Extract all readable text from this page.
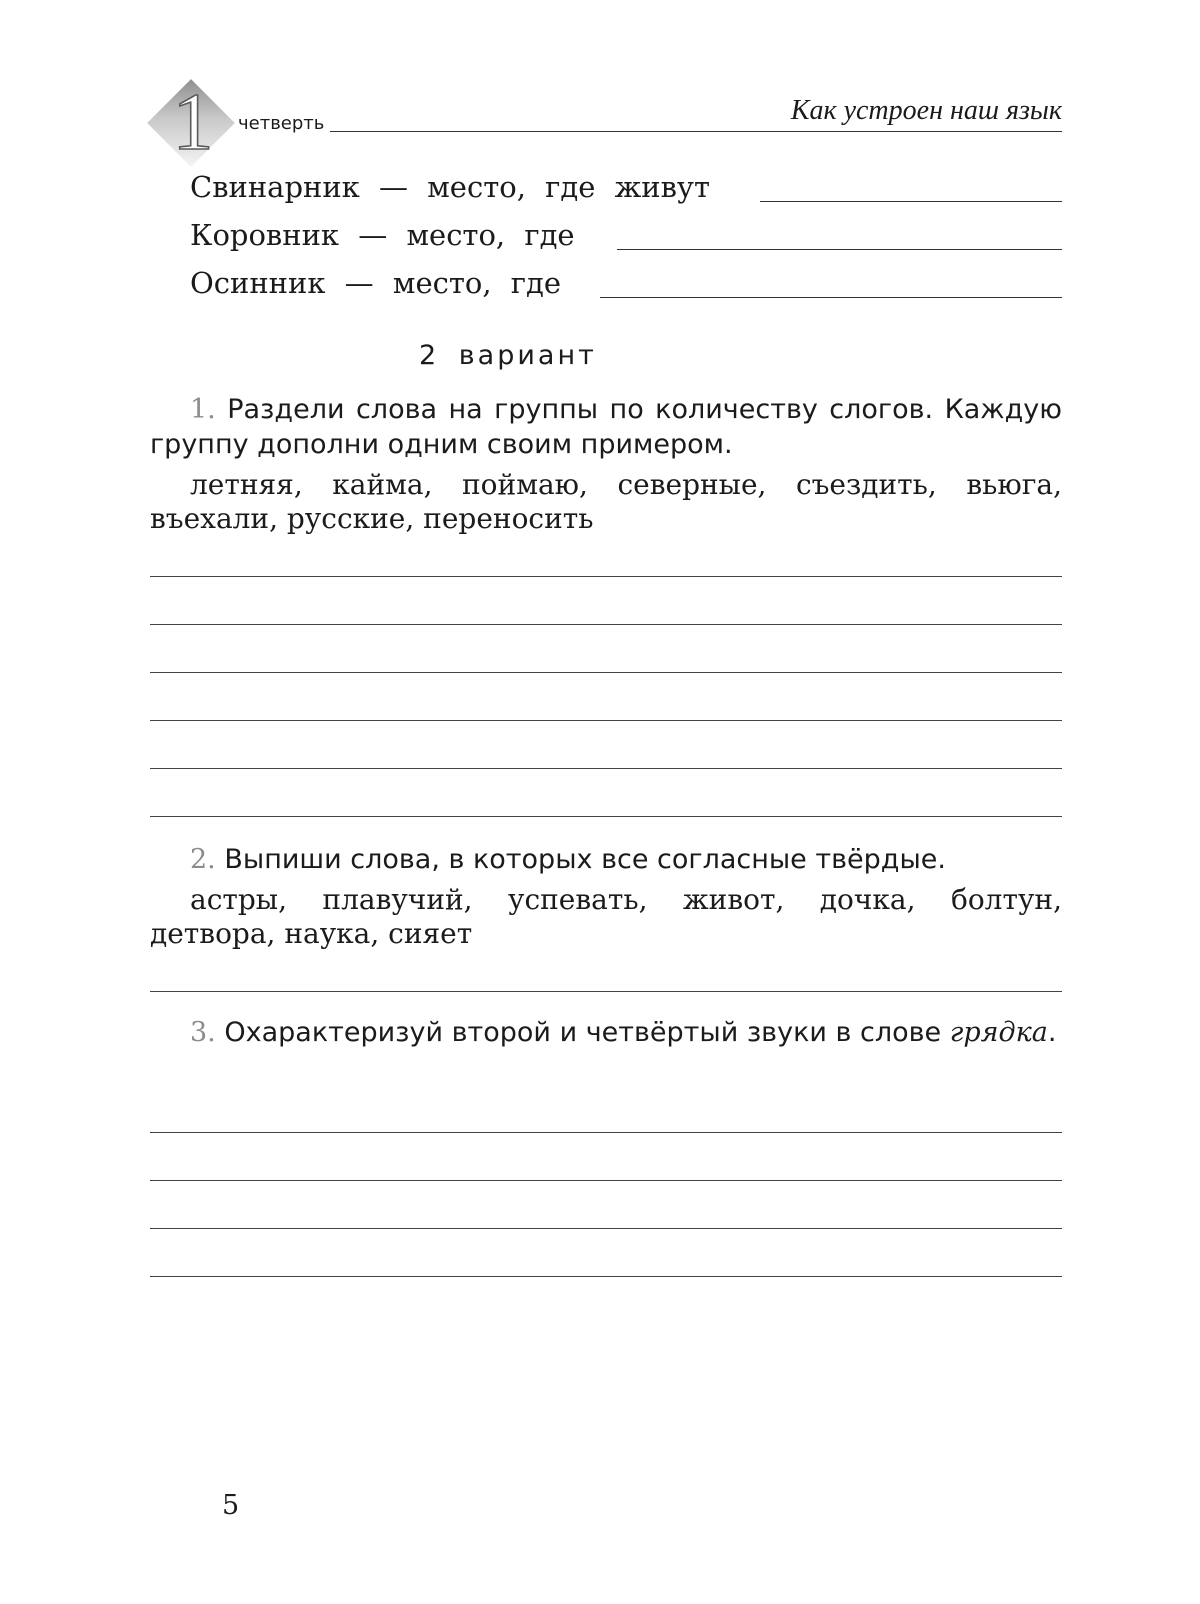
1 четверть	Как устроен наш язык
Свинарник — место, где живут
Коровник — место, где
Осинник — место, где
2 вариант

1. Раздели слова на группы по количеству слогов. Каждую группу дополни одним своим примером.

летняя, кайма, поймаю, северные, съездить, вьюга, въехали, русские, переносить

2. Выпиши слова, в которых все согласные твёрдые.

астры, плавучий, успевать, живот, дочка, болтун, детвора, наука, сияет

3. Охарактеризуй второй и четвёртый звуки в слове грядка.

5
